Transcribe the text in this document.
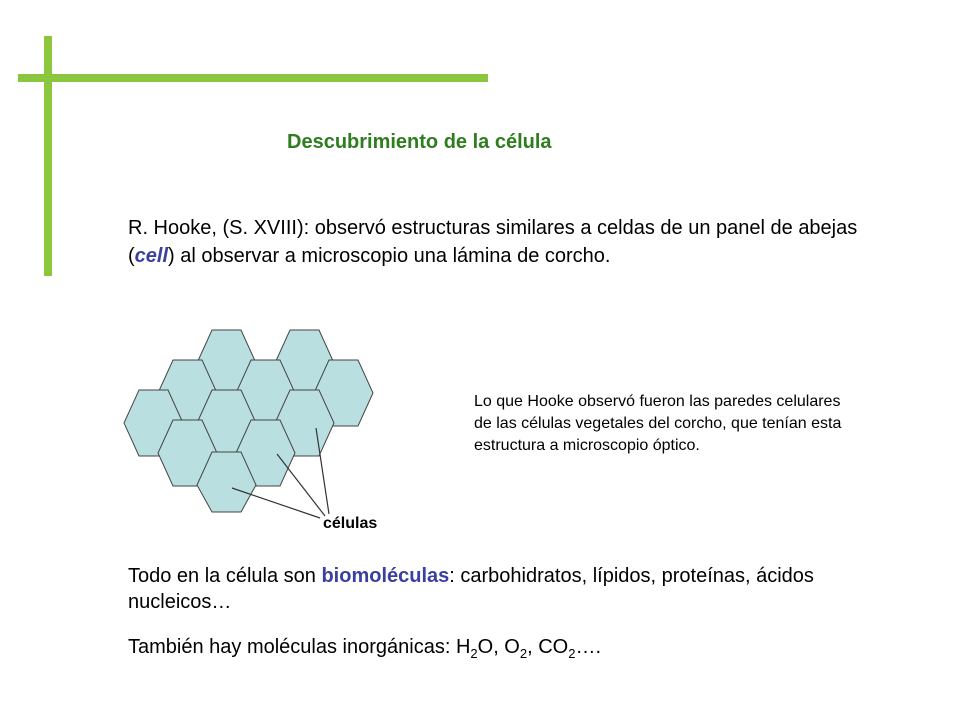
Descubrimiento de la célula
R. Hooke, (S. XVIII): observó estructuras similares a celdas de un panel de abejas (cell) al observar a microscopio una lámina de corcho.
células
Lo que Hooke observó fueron las paredes celulares de las células vegetales del corcho, que tenían esta estructura a microscopio óptico.
Todo en la célula son biomoléculas: carbohidratos, lípidos, proteínas, ácidos nucleicos…
También hay moléculas inorgánicas: $H_2O$, $O_2$, $CO_2\dots$.
